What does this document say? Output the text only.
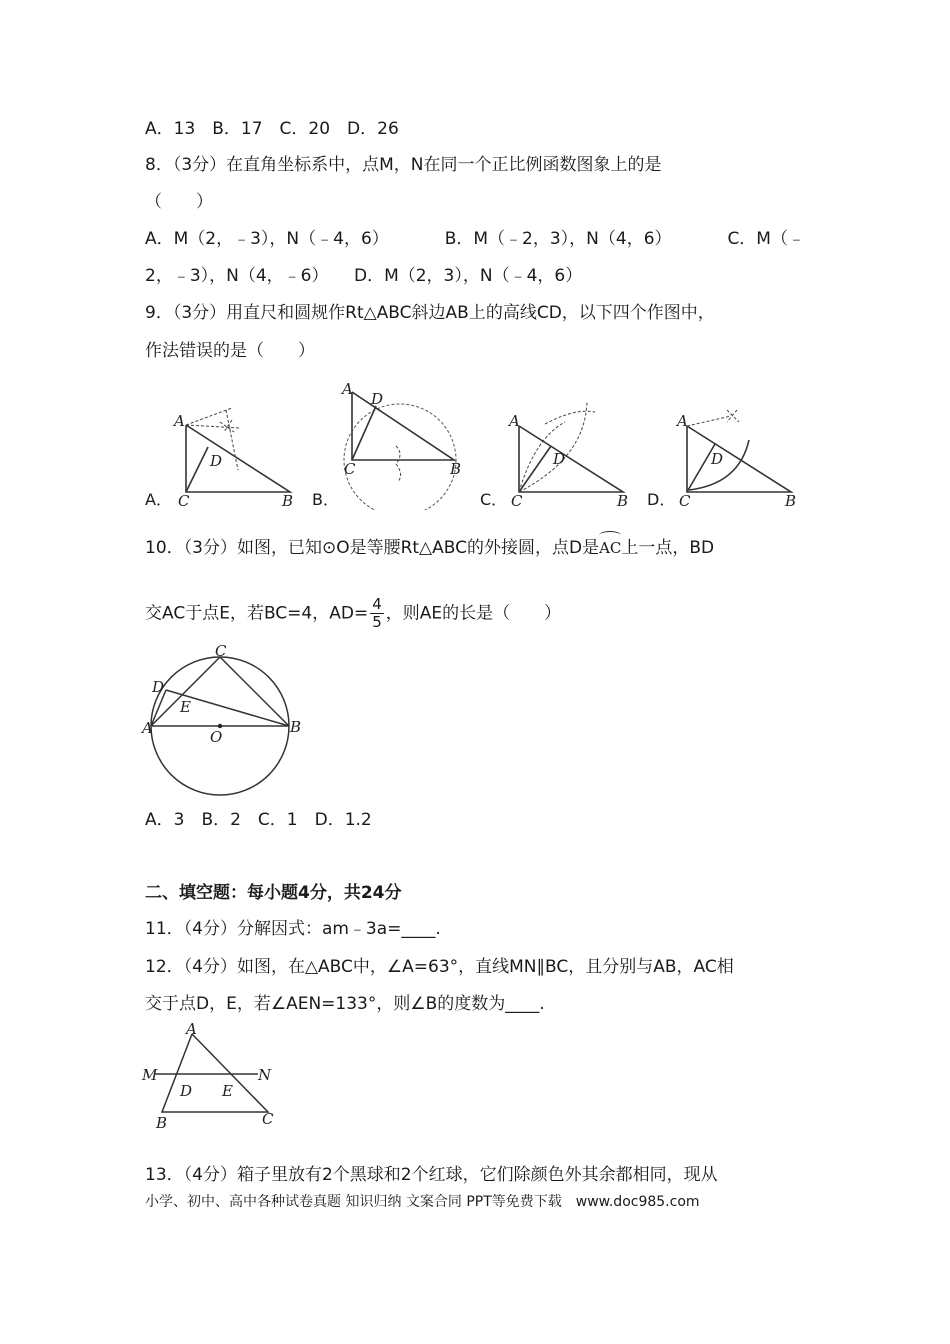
A．13　B．17　C．20　D．26
8．（3分）在直角坐标系中，点M，N在同一个正比例函数图象上的是
（　　）
A．M（2，﹣3），N（﹣4，6）	B．M（﹣2，3），N（4，6）	C．M（﹣
2，﹣3），N（4，﹣6）　　D．M（2，3），N（﹣4，6）
9．（3分）用直尺和圆规作Rt△ABC斜边AB上的高线CD，以下四个作图中，
作法错误的是（　　）
A．
A
D
C	B B．
A
D
C	B
C．
A
D
C	B D．
A
D
C	B
10．（3分）如图，已知⊙O是等腰Rt△ABC的外接圆，点D是AC上一点，BD
交AC于点E，若BC=4，$AD= \frac{4}{5}$ ，则AE的长是（　　）
C
D
E
A	O
B
A．3　B．2　C．1　D．1.2
二、填空题：每小题4分，共24分
11．（4分）分解因式：am﹣3a=____.
12．（4分）如图，在△ABC中，∠A=63°，直线MN∥BC，且分别与AB，AC相
交于点D，E，若∠AEN=133°，则∠B的度数为____.
A
M	N
D E
B	C
13．（4分）箱子里放有2个黑球和2个红球，它们除颜色外其余都相同，现从
小学、初中、高中各种试卷真题 知识归纳 文案合同 PPT等免费下载　www.doc985.com
